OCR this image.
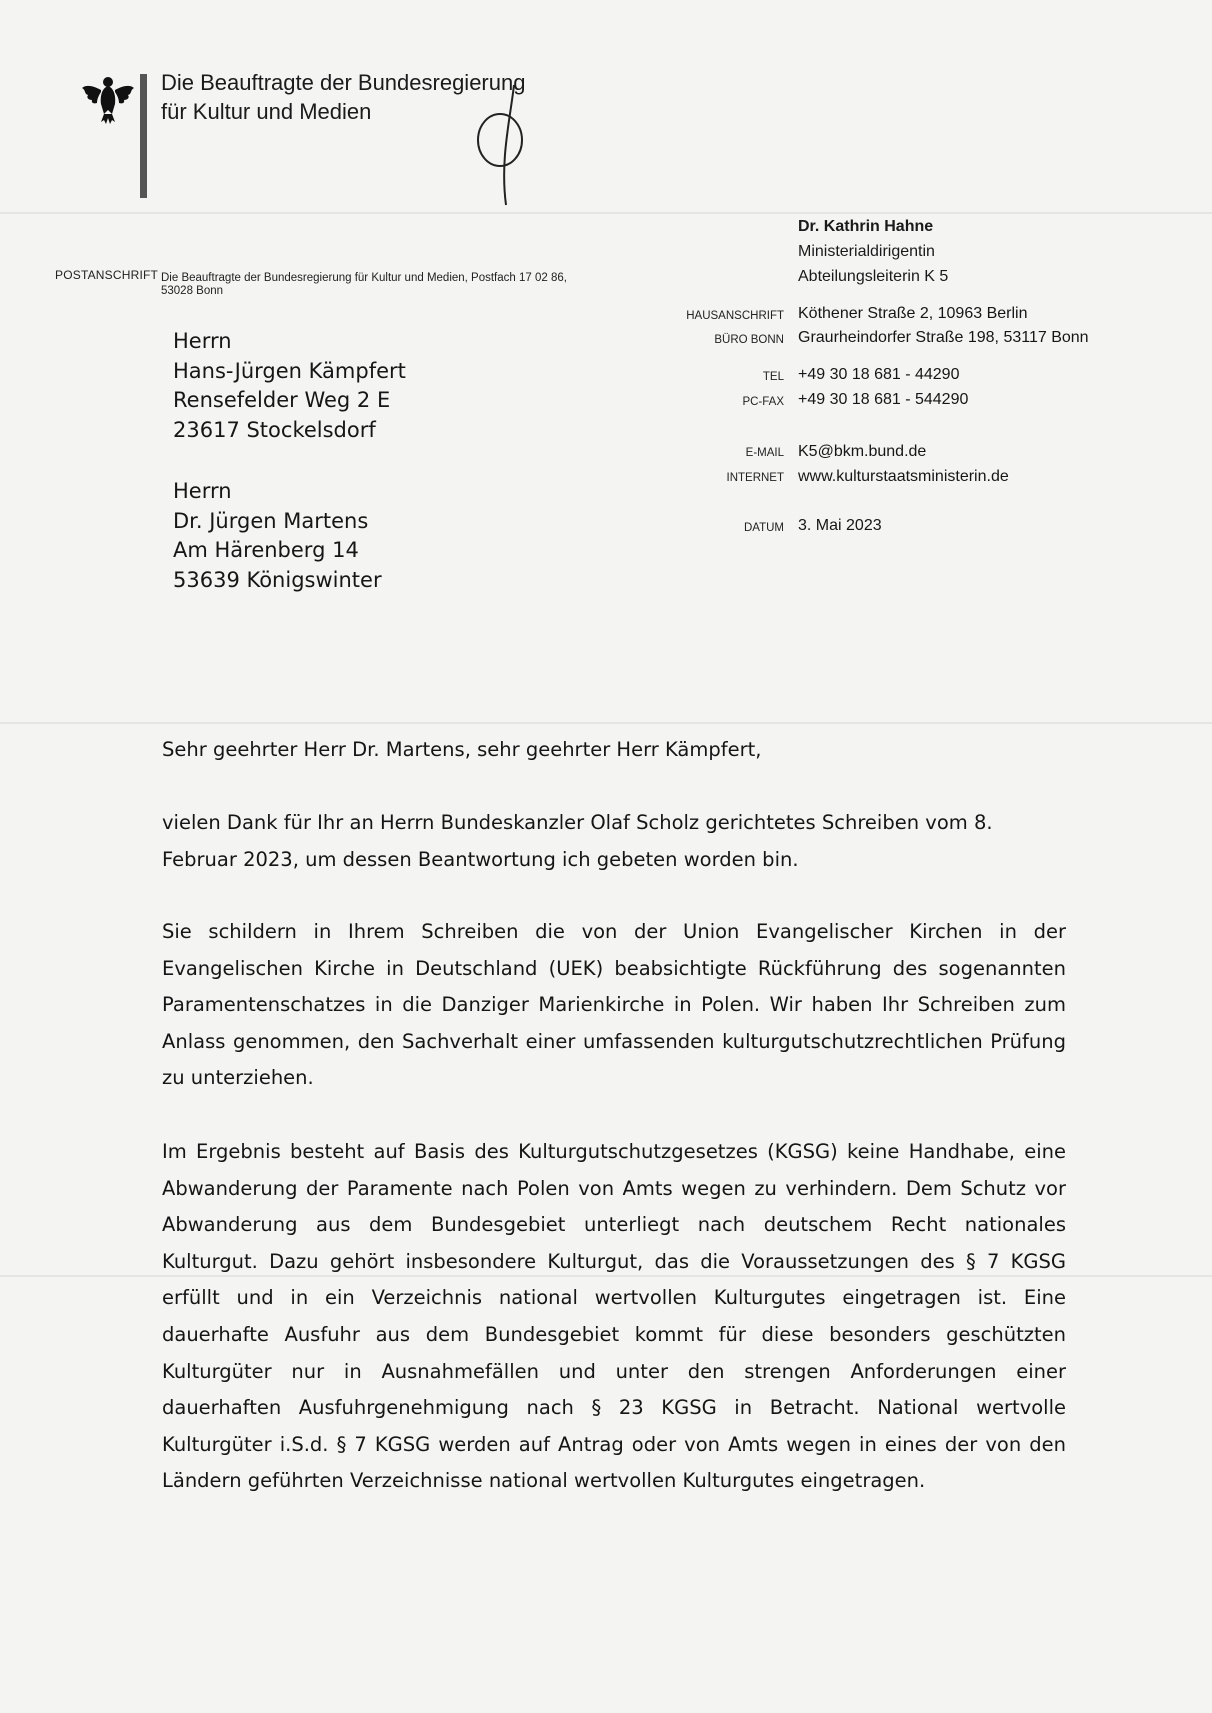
Die Beauftragte der Bundesregierung
für Kultur und Medien
POSTANSCHRIFT Die Beauftragte der Bundesregierung für Kultur und Medien, Postfach 17 02 86, 53028 Bonn
Dr. Kathrin Hahne
Ministerialdirigentin
Abteilungsleiterin K 5
HAUSANSCHRIFT Köthener Straße 2, 10963 Berlin
BÜRO BONN Graurheindorfer Straße 198, 53117 Bonn
TEL +49 30 18 681 - 44290
PC-FAX +49 30 18 681 - 544290
E-MAIL K5@bkm.bund.de
INTERNET www.kulturstaatsministerin.de
DATUM 3. Mai 2023
Herrn
Hans-Jürgen Kämpfert
Rensefelder Weg 2 E
23617 Stockelsdorf
Herrn
Dr. Jürgen Martens
Am Härenberg 14
53639 Königswinter
Sehr geehrter Herr Dr. Martens, sehr geehrter Herr Kämpfert,
vielen Dank für Ihr an Herrn Bundeskanzler Olaf Scholz gerichtetes Schreiben vom 8. Februar 2023, um dessen Beantwortung ich gebeten worden bin.
Sie schildern in Ihrem Schreiben die von der Union Evangelischer Kirchen in der Evangelischen Kirche in Deutschland (UEK) beabsichtigte Rückführung des sogenannten Paramentenschatzes in die Danziger Marienkirche in Polen. Wir haben Ihr Schreiben zum Anlass genommen, den Sachverhalt einer umfassenden kulturgutschutzrechtlichen Prüfung zu unterziehen.
Im Ergebnis besteht auf Basis des Kulturgutschutzgesetzes (KGSG) keine Handhabe, eine Abwanderung der Paramente nach Polen von Amts wegen zu verhindern. Dem Schutz vor Abwanderung aus dem Bundesgebiet unterliegt nach deutschem Recht nationales Kulturgut. Dazu gehört insbesondere Kulturgut, das die Voraussetzungen des § 7 KGSG erfüllt und in ein Verzeichnis national wertvollen Kulturgutes eingetragen ist. Eine dauerhafte Ausfuhr aus dem Bundesgebiet kommt für diese besonders geschützten Kulturgüter nur in Ausnahmefällen und unter den strengen Anforderungen einer dauerhaften Ausfuhrgenehmigung nach § 23 KGSG in Betracht. National wertvolle Kulturgüter i.S.d. § 7 KGSG werden auf Antrag oder von Amts wegen in eines der von den Ländern geführten Verzeichnisse national wertvollen Kulturgutes eingetragen.
